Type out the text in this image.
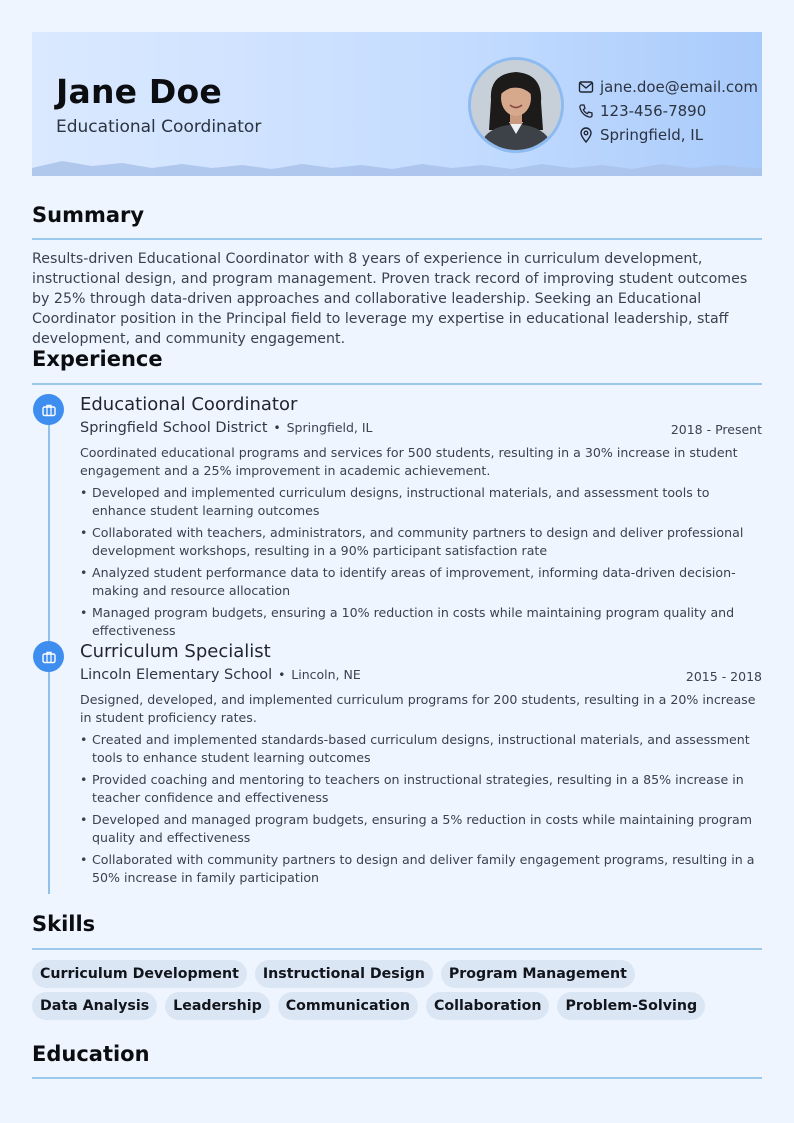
Jane Doe
Educational Coordinator
jane.doe@email.com
123-456-7890
Springfield, IL
Summary
Results-driven Educational Coordinator with 8 years of experience in curriculum development, instructional design, and program management. Proven track record of improving student outcomes by 25% through data-driven approaches and collaborative leadership. Seeking an Educational Coordinator position in the Principal field to leverage my expertise in educational leadership, staff development, and community engagement.
Experience
Educational Coordinator
Springfield School District • Springfield, IL	2018 - Present
Coordinated educational programs and services for 500 students, resulting in a 30% increase in student engagement and a 25% improvement in academic achievement.
• Developed and implemented curriculum designs, instructional materials, and assessment tools to enhance student learning outcomes
• Collaborated with teachers, administrators, and community partners to design and deliver professional development workshops, resulting in a 90% participant satisfaction rate
• Analyzed student performance data to identify areas of improvement, informing data-driven decision-making and resource allocation
• Managed program budgets, ensuring a 10% reduction in costs while maintaining program quality and effectiveness
Curriculum Specialist
Lincoln Elementary School • Lincoln, NE	2015 - 2018
Designed, developed, and implemented curriculum programs for 200 students, resulting in a 20% increase in student proficiency rates.
• Created and implemented standards-based curriculum designs, instructional materials, and assessment tools to enhance student learning outcomes
• Provided coaching and mentoring to teachers on instructional strategies, resulting in a 85% increase in teacher confidence and effectiveness
• Developed and managed program budgets, ensuring a 5% reduction in costs while maintaining program quality and effectiveness
• Collaborated with community partners to design and deliver family engagement programs, resulting in a 50% increase in family participation
Skills
Curriculum Development	Instructional Design	Program Management
Data Analysis	Leadership	Communication	Collaboration	Problem-Solving
Education
